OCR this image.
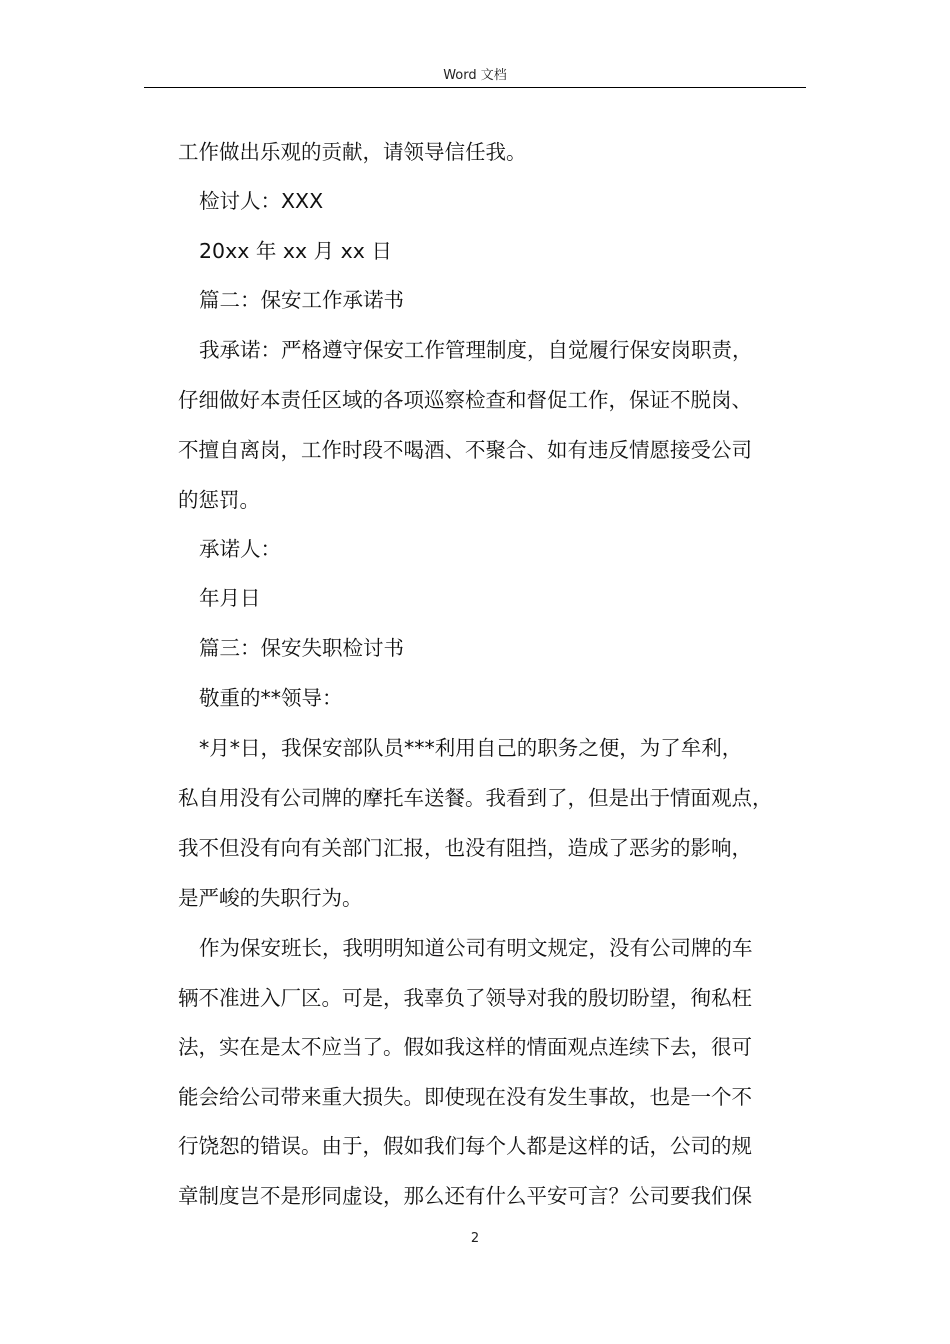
Word 文档
工作做出乐观的贡献，请领导信任我。
检讨人：XXX
20xx 年 xx 月 xx 日
篇二：保安工作承诺书
我承诺：严格遵守保安工作管理制度，自觉履行保安岗职责，
仔细做好本责任区域的各项巡察检查和督促工作，保证不脱岗、
不擅自离岗，工作时段不喝酒、不聚合、如有违反情愿接受公司
的惩罚。
承诺人：
年月日
篇三：保安失职检讨书
敬重的**领导：
*月*日，我保安部队员***利用自己的职务之便，为了牟利，
私自用没有公司牌的摩托车送餐。我看到了，但是出于情面观点，
我不但没有向有关部门汇报，也没有阻挡，造成了恶劣的影响，
是严峻的失职行为。
作为保安班长，我明明知道公司有明文规定，没有公司牌的车
辆不准进入厂区。可是，我辜负了领导对我的殷切盼望，徇私枉
法，实在是太不应当了。假如我这样的情面观点连续下去，很可
能会给公司带来重大损失。即使现在没有发生事故，也是一个不
行饶恕的错误。由于，假如我们每个人都是这样的话，公司的规
章制度岂不是形同虚设，那么还有什么平安可言？公司要我们保
2
